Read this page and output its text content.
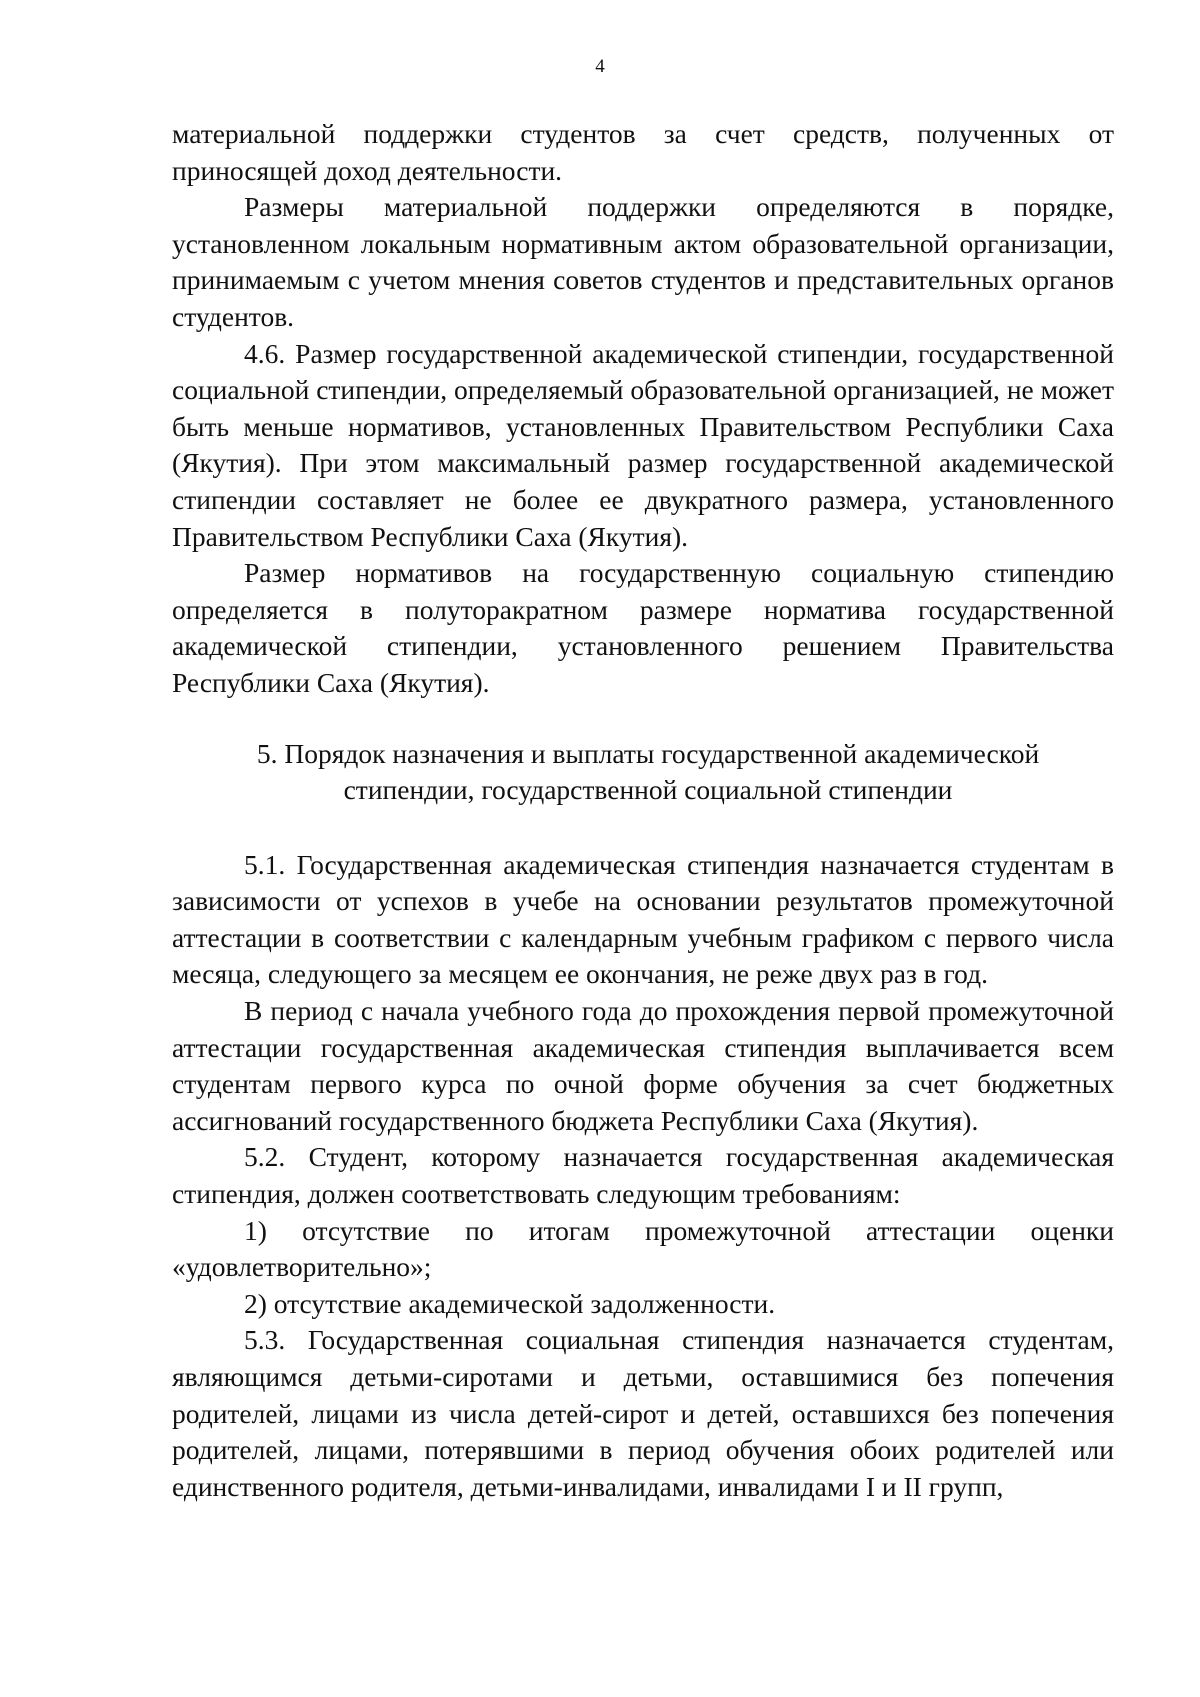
4

материальной поддержки студентов за счет средств, полученных от приносящей доход деятельности.

Размеры материальной поддержки определяются в порядке, установленном локальным нормативным актом образовательной организации, принимаемым с учетом мнения советов студентов и представительных органов студентов.

4.6. Размер государственной академической стипендии, государственной социальной стипендии, определяемый образовательной организацией, не может быть меньше нормативов, установленных Правительством Республики Саха (Якутия). При этом максимальный размер государственной академической стипендии составляет не более ее двукратного размера, установленного Правительством Республики Саха (Якутия).

Размер нормативов на государственную социальную стипендию определяется в полуторакратном размере норматива государственной академической стипендии, установленного решением Правительства Республики Саха (Якутия).

5. Порядок назначения и выплаты государственной академической
стипендии, государственной социальной стипендии

5.1. Государственная академическая стипендия назначается студентам в зависимости от успехов в учебе на основании результатов промежуточной аттестации в соответствии с календарным учебным графиком с первого числа месяца, следующего за месяцем ее окончания, не реже двух раз в год.

В период с начала учебного года до прохождения первой промежуточной аттестации государственная академическая стипендия выплачивается всем студентам первого курса по очной форме обучения за счет бюджетных ассигнований государственного бюджета Республики Саха (Якутия).

5.2. Студент, которому назначается государственная академическая стипендия, должен соответствовать следующим требованиям:

1) отсутствие по итогам промежуточной аттестации оценки «удовлетворительно»;

2) отсутствие академической задолженности.

5.3. Государственная социальная стипендия назначается студентам, являющимся детьми-сиротами и детьми, оставшимися без попечения родителей, лицами из числа детей-сирот и детей, оставшихся без попечения родителей, лицами, потерявшими в период обучения обоих родителей или единственного родителя, детьми-инвалидами, инвалидами I и II групп,
